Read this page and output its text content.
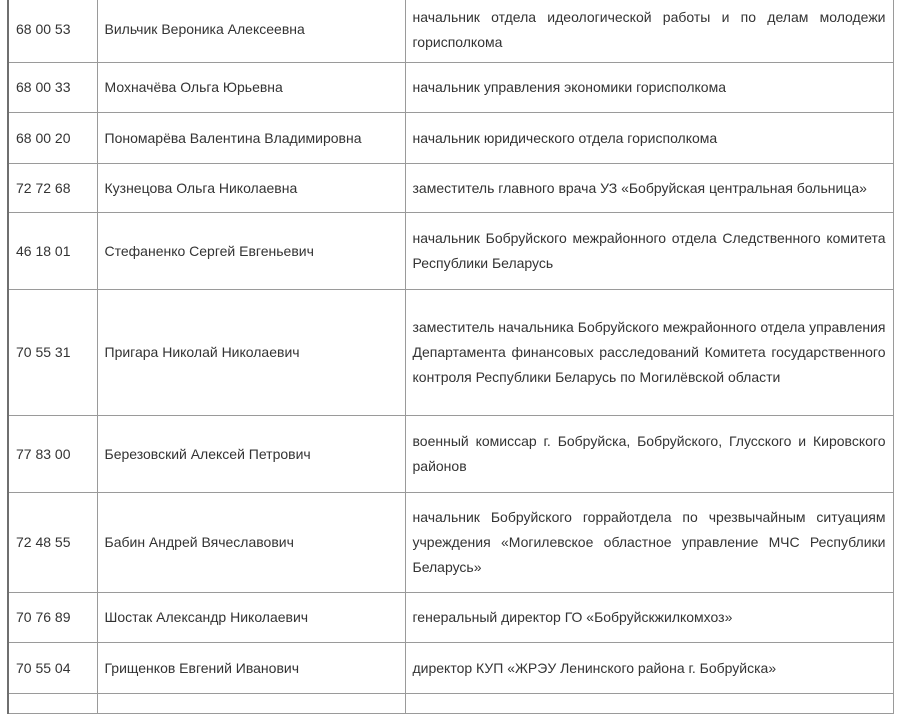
68 00 53	Вильчик Вероника Алексеевна	начальник отдела идеологической работы и по делам молодежи горисполкома
68 00 33	Мохначёва Ольга Юрьевна	начальник управления экономики горисполкома
68 00 20	Пономарёва Валентина Владимировна	начальник юридического отдела горисполкома
72 72 68	Кузнецова Ольга Николаевна	заместитель главного врача УЗ «Бобруйская центральная больница»
46 18 01	Стефаненко Сергей Евгеньевич	начальник Бобруйского межрайонного отдела Следственного комитета Республики Беларусь
70 55 31	Пригара Николай Николаевич	заместитель начальника Бобруйского межрайонного отдела управления Департамента финансовых расследований Комитета государственного контроля Республики Беларусь по Могилёвской области
77 83 00	Березовский Алексей Петрович	военный комиссар г. Бобруйска, Бобруйского, Глусского и Кировского районов
72 48 55	Бабин Андрей Вячеславович	начальник Бобруйского горрайотдела по чрезвычайным ситуациям учреждения «Могилевское областное управление МЧС Республики Беларусь»
70 76 89	Шостак Александр Николаевич	генеральный директор ГО «Бобруйскжилкомхоз»
70 55 04	Грищенков Евгений Иванович	директор КУП «ЖРЭУ Ленинского района г. Бобруйска»
